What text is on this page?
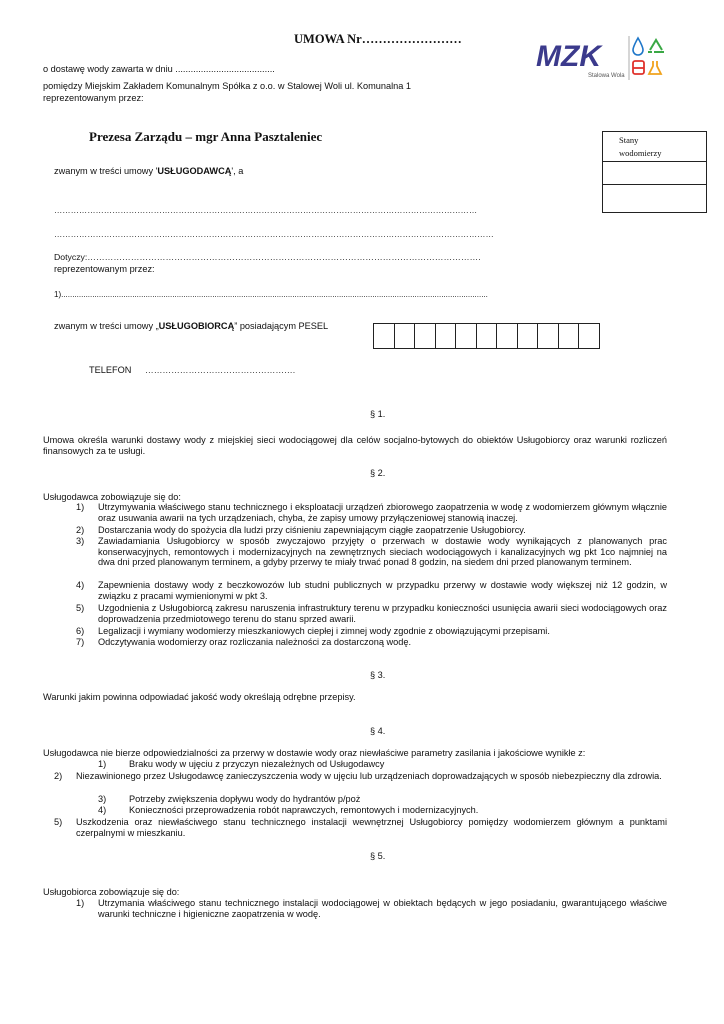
UMOWA Nr……………………
MZK
Stalowa Wola
o dostawę wody zawarta w dniu .......................................
pomiędzy Miejskim Zakładem Komunalnym Spółka z o.o. w Stalowej Woli ul. Komunalna 1
reprezentowanym przez:
Prezesa Zarządu – mgr Anna Pasztaleniec	Stany
wodomierzy

zwanym w treści umowy 'USŁUGODAWCĄ', a
………………………………………………………………………………………………………………………………………
……………………………………………………………………………………………………………………………………………
Dotyczy:……………………………………………………………………………………………………………………….
reprezentowanym przez:
1)................................................................................................................................................................................................
zwanym w treści umowy „USŁUGOBIORCĄ” posiadającym PESEL
TELEFON …………………………………………….
§ 1.
Umowa określa warunki dostawy wody z miejskiej sieci wodociągowej dla celów socjalno-bytowych do obiektów Usługobiorcy oraz warunki rozliczeń finansowych za te usługi.
§ 2.
Usługodawca zobowiązuje się do:
1) Utrzymywania właściwego stanu technicznego i eksploatacji urządzeń zbiorowego zaopatrzenia w wodę z wodomierzem głównym włącznie oraz usuwania awarii na tych urządzeniach, chyba, że zapisy umowy przyłączeniowej stanowią inaczej.
2) Dostarczania wody do spożycia dla ludzi przy ciśnieniu zapewniającym ciągłe zaopatrzenie Usługobiorcy.
3) Zawiadamiania Usługobiorcy w sposób zwyczajowo przyjęty o przerwach w dostawie wody wynikających z planowanych prac konserwacyjnych, remontowych i modernizacyjnych na zewnętrznych sieciach wodociągowych i kanalizacyjnych wg pkt 1co najmniej na dwa dni przed planowanym terminem, a gdyby przerwy te miały trwać ponad 8 godzin, na siedem dni przed planowanym terminem.
4) Zapewnienia dostawy wody z beczkowozów lub studni publicznych w przypadku przerwy w dostawie wody większej niż 12 godzin, w związku z pracami wymienionymi w pkt 3.
5) Uzgodnienia z Usługobiorcą zakresu naruszenia infrastruktury terenu w przypadku konieczności usunięcia awarii sieci wodociągowych oraz doprowadzenia przedmiotowego terenu do stanu sprzed awarii.
6) Legalizacji i wymiany wodomierzy mieszkaniowych ciepłej i zimnej wody zgodnie z obowiązującymi przepisami.
7) Odczytywania wodomierzy oraz rozliczania należności za dostarczoną wodę.
§ 3.
Warunki jakim powinna odpowiadać jakość wody określają odrębne przepisy.
§ 4.
Usługodawca nie bierze odpowiedzialności za przerwy w dostawie wody oraz niewłaściwe parametry zasilania i jakościowe wynikłe z:
1) Braku wody w ujęciu z przyczyn niezależnych od Usługodawcy
2) Niezawinionego przez Usługodawcę zanieczyszczenia wody w ujęciu lub urządzeniach doprowadzających w sposób niebezpieczny dla zdrowia.
3) Potrzeby zwiększenia dopływu wody do hydrantów p/poż
4) Konieczności przeprowadzenia robót naprawczych, remontowych i modernizacyjnych.
5) Uszkodzenia oraz niewłaściwego stanu technicznego instalacji wewnętrznej Usługobiorcy pomiędzy wodomierzem głównym a punktami czerpalnymi w mieszkaniu.
§ 5.
Usługobiorca zobowiązuje się do:
1) Utrzymania właściwego stanu technicznego instalacji wodociągowej w obiektach będących w jego posiadaniu, gwarantującego właściwe warunki techniczne i higieniczne zaopatrzenia w wodę.
